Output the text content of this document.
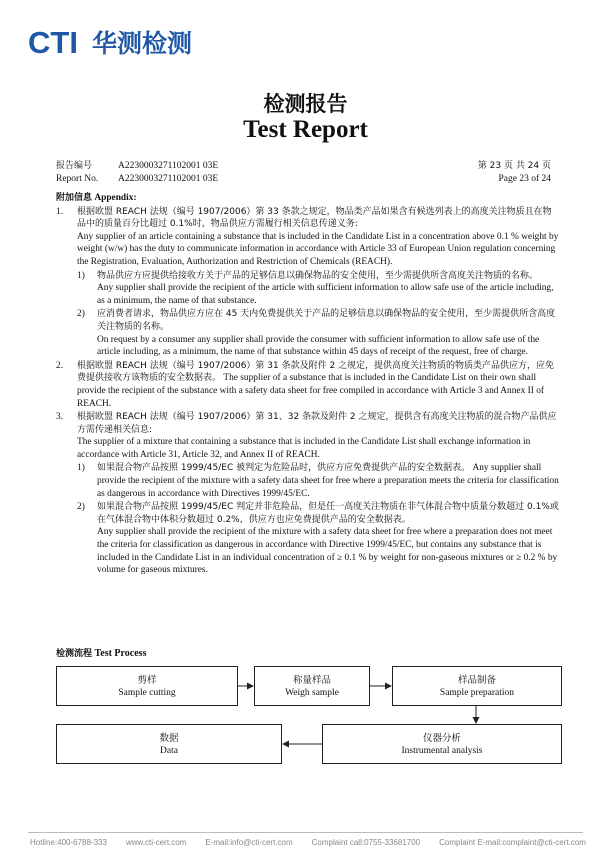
CTI 华测检测
检测报告
Test Report
报告编号	A2230003271102001 03E
Report No. A2230003271102001 03E
第 23 页 共 24 页
Page 23 of 24
附加信息 Appendix:
1. 根据欧盟 REACH 法规（编号 1907/2006）第 33 条款之规定，物品类产品如果含有候选列表上的高度关注物质且在物品中的质量百分比超过 0.1%时，物品供应方需履行相关信息传递义务:
Any supplier of an article containing a substance that is included in the Candidate List in a concentration above 0.1 % weight by weight (w/w) has the duty to communicate information in accordance with Article 33 of European Union regulation concerning the Registration, Evaluation, Authorization and Restriction of Chemicals (REACH).
1) 物品供应方应提供给接收方关于产品的足够信息以确保物品的安全使用，至少需提供所含高度关注物质的名称。
Any supplier shall provide the recipient of the article with sufficient information to allow safe use of the article including, as a minimum, the name of that substance.
2) 应消费者请求，物品供应方应在 45 天内免费提供关于产品的足够信息以确保物品的安全使用，至少需提供所含高度关注物质的名称。
On request by a consumer any supplier shall provide the consumer with sufficient information to allow safe use of the article including, as a minimum, the name of that substance within 45 days of receipt of the request, free of charge.
2. 根据欧盟 REACH 法规（编号 1907/2006）第 31 条款及附件 2 之规定，提供高度关注物质的物质类产品供应方，应免费提供接收方该物质的安全数据表。 The supplier of a substance that is included in the Candidate List on their own shall provide the recipient of the substance with a safety data sheet for free compiled in accordance with Article 3 and Annex II of REACH.
3. 根据欧盟 REACH 法规（编号 1907/2006）第 31、32 条款及附件 2 之规定，提供含有高度关注物质的混合物产品供应方需传递相关信息:
The supplier of a mixture that containing a substance that is included in the Candidate List shall exchange information in accordance with Article 31, Article 32, and Annex II of REACH.
1) 如果混合物产品按照 1999/45/EC 被判定为危险品时，供应方应免费提供产品的安全数据表。 Any supplier shall provide the recipient of the mixture with a safety data sheet for free where a preparation meets the criteria for classification as dangerous in accordance with Directives 1999/45/EC.
2) 如果混合物产品按照 1999/45/EC 判定并非危险品，但是任一高度关注物质在非气体混合物中质量分数超过 0.1%或在气体混合物中体积分数超过 0.2%，供应方也应免费提供产品的安全数据表。
Any supplier shall provide the recipient of the mixture with a safety data sheet for free where a preparation does not meet the criteria for classification as dangerous in accordance with Directive 1999/45/EC, but contains any substance that is included in the Candidate List in an individual concentration of ≥ 0.1 % by weight for non-gaseous mixtures or ≥ 0.2 % by volume for gaseous mixtures.
检测流程 Test Process
剪样
Sample cutting
称量样品
Weigh sample
样品制备
Sample preparation
仪器分析
Instrumental analysis
数据
Data
Hotline:400-6788-333 www.cti-cert.com E-mail:info@cti-cert.com Complaint call:0755-33681700 Complaint E-mail:complaint@cti-cert.com
